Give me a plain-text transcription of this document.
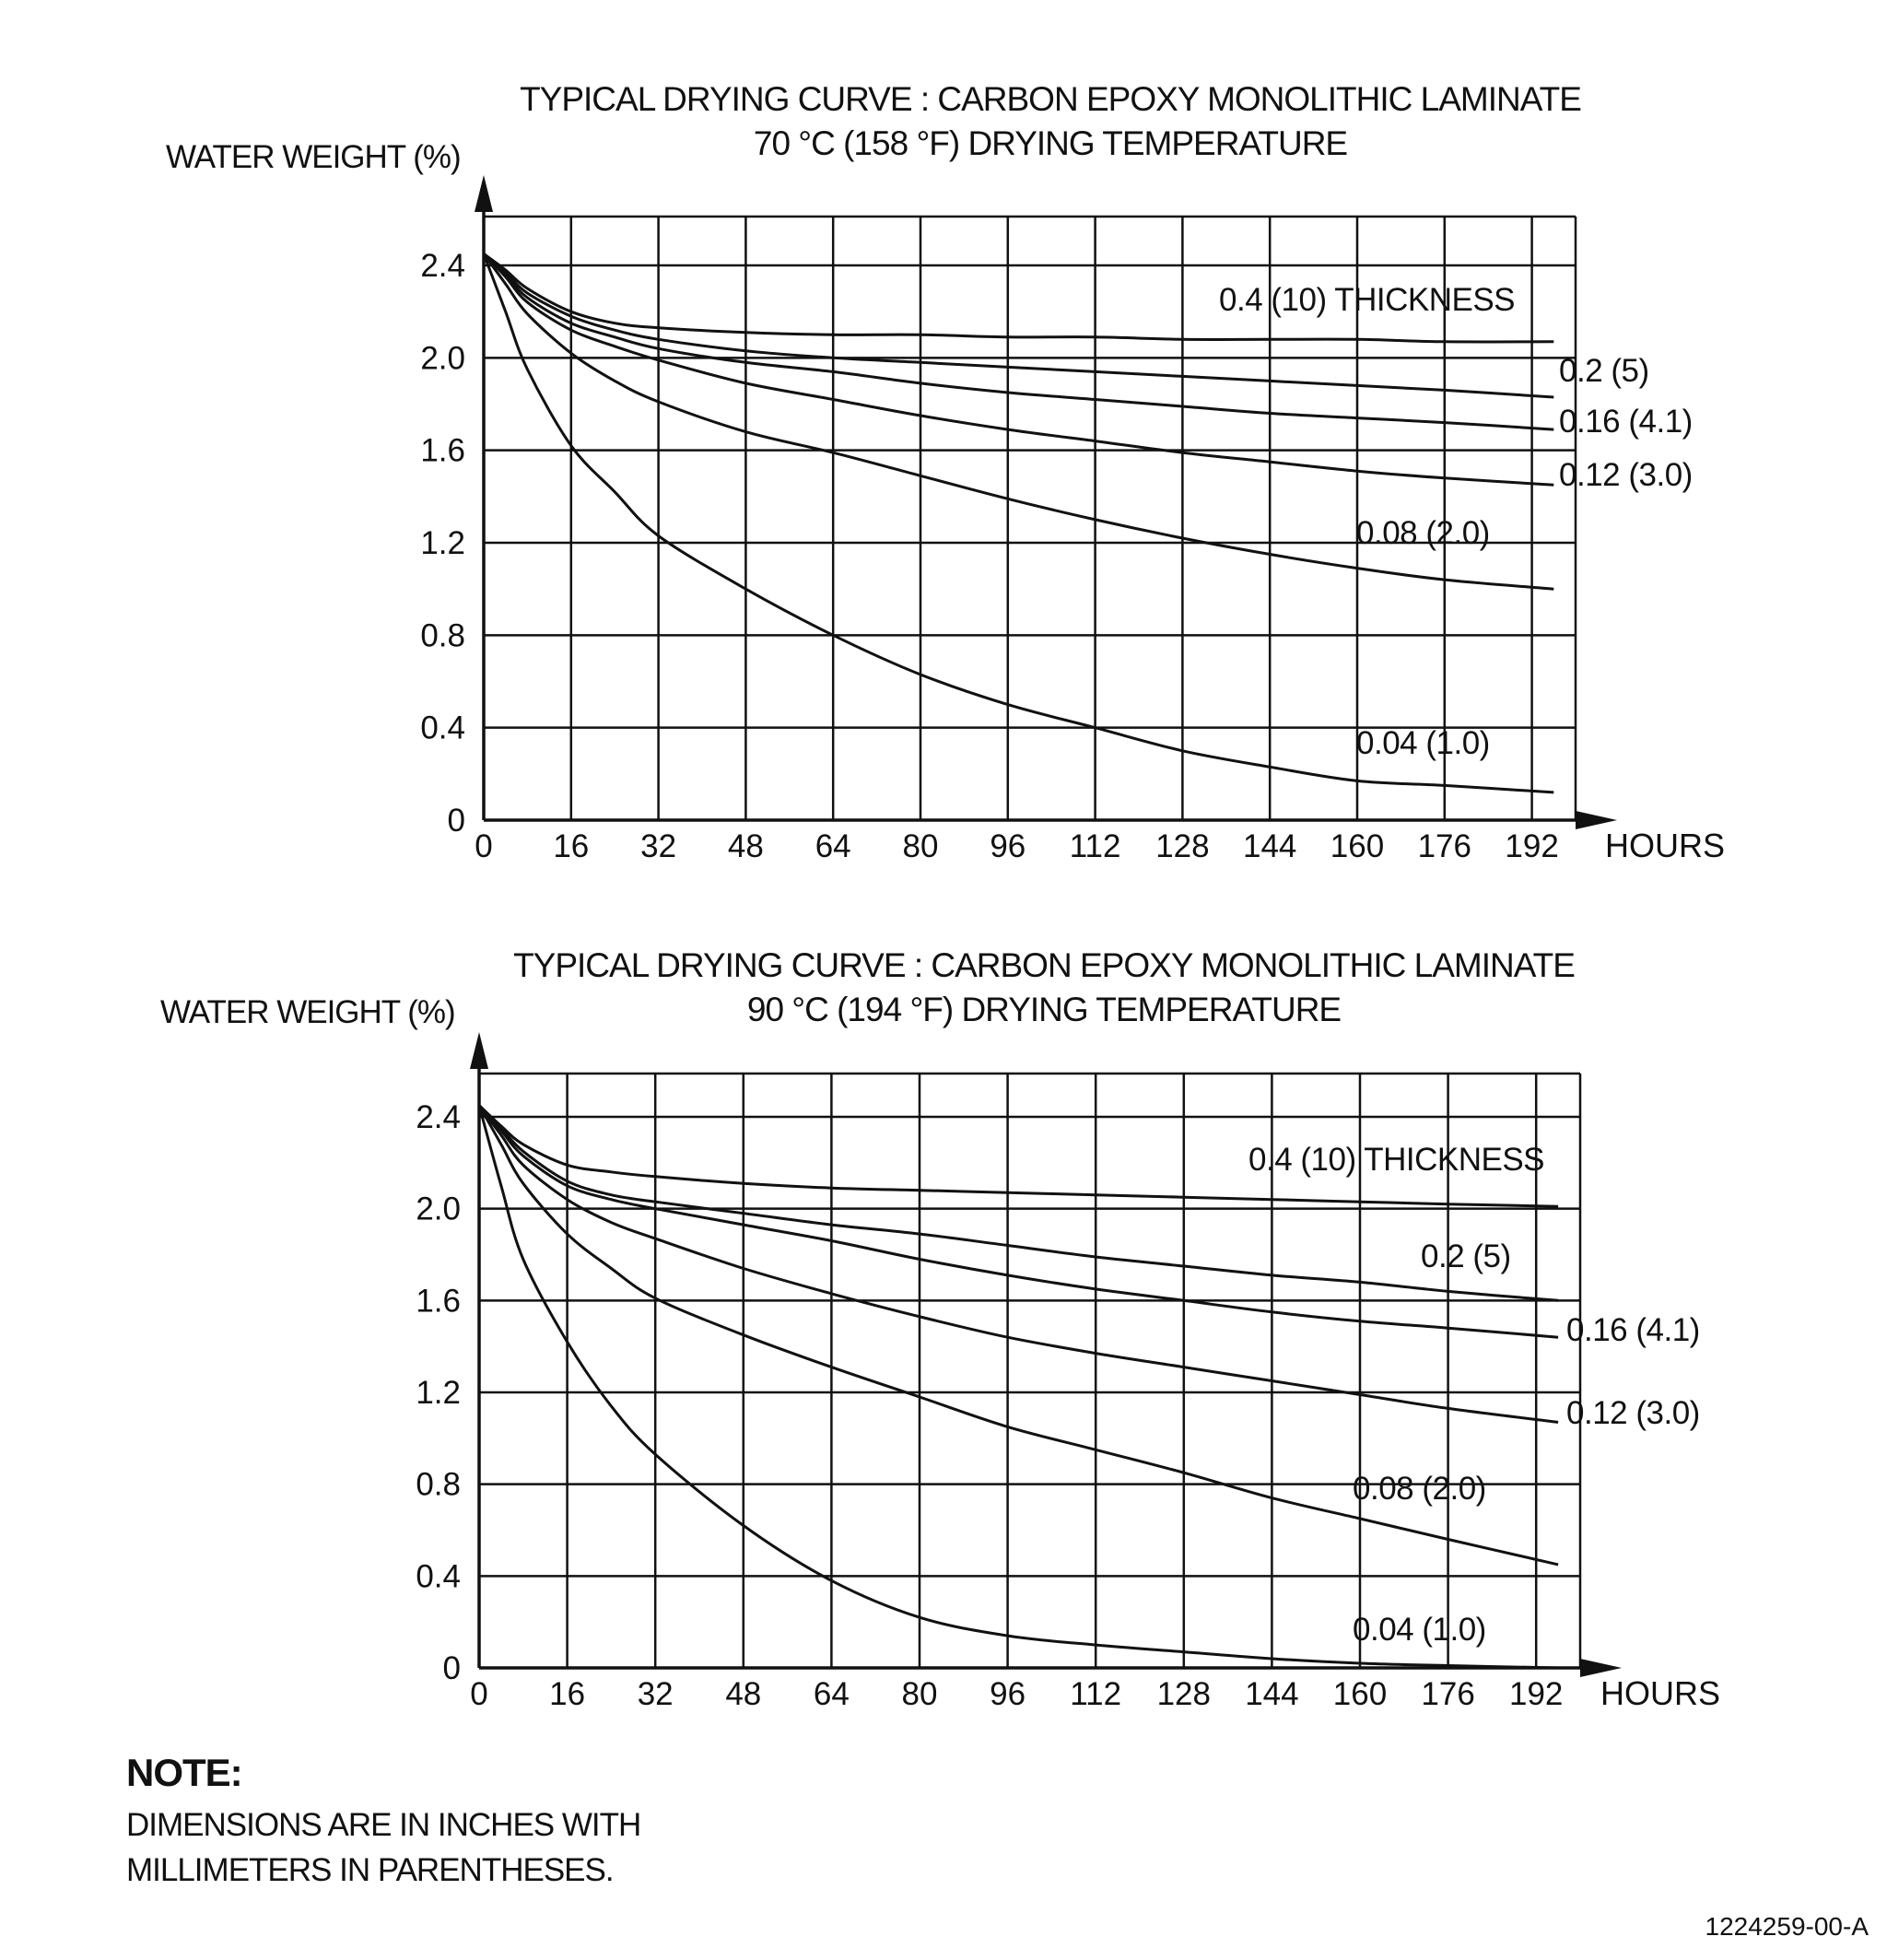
TYPICAL DRYING CURVE : CARBON EPOXY MONOLITHIC LAMINATE
70 °C (158 °F) DRYING TEMPERATURE
WATER WEIGHT (%)
0 16 32 48 64 80 96 112 128 144 160 176 192
0
0.4
0.8
1.2
1.6
2.0
2.4
HOURS
0.4 (10) THICKNESS
0.2 (5)
0.16 (4.1)
0.12 (3.0)
0.08 (2.0)
0.04 (1.0)
TYPICAL DRYING CURVE : CARBON EPOXY MONOLITHIC LAMINATE
90 °C (194 °F) DRYING TEMPERATURE
WATER WEIGHT (%)
0 16 32 48 64 80 96 112 128 144 160 176 192
0
0.4
0.8
1.2
1.6
2.0
2.4
HOURS
0.4 (10) THICKNESS
0.2 (5)
0.16 (4.1)
0.12 (3.0)
0.08 (2.0)
0.04 (1.0)
NOTE:
DIMENSIONS ARE IN INCHES WITH
MILLIMETERS IN PARENTHESES.
1224259-00-A
